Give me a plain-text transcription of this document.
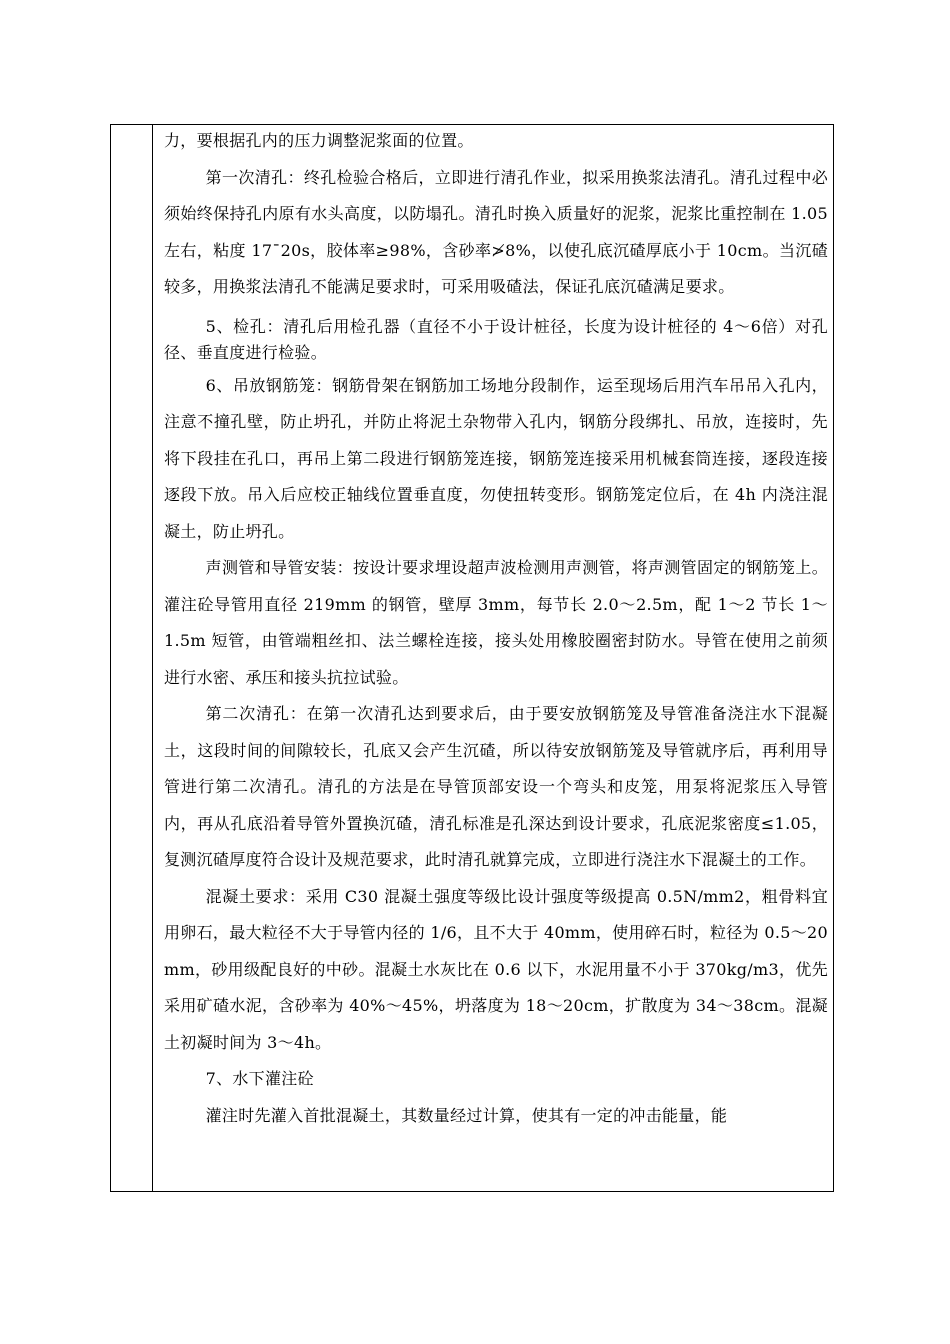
力，要根据孔内的压力调整泥浆面的位置。

第一次清孔：终孔检验合格后，立即进行清孔作业，拟采用换浆法清孔。清孔过程中必须始终保持孔内原有水头高度，以防塌孔。清孔时换入质量好的泥浆，泥浆比重控制在 1.05 左右，粘度 17¯20s，胶体率≥98%，含砂率≯8%，以使孔底沉碴厚底小于 10cm。当沉碴较多，用换浆法清孔不能满足要求时，可采用吸碴法，保证孔底沉碴满足要求。

5、检孔：清孔后用检孔器（直径不小于设计桩径，长度为设计桩径的 4～6倍）对孔径、垂直度进行检验。

6、吊放钢筋笼：钢筋骨架在钢筋加工场地分段制作，运至现场后用汽车吊吊入孔内，注意不撞孔壁，防止坍孔，并防止将泥土杂物带入孔内，钢筋分段绑扎、吊放，连接时，先将下段挂在孔口，再吊上第二段进行钢筋笼连接，钢筋笼连接采用机械套筒连接，逐段连接逐段下放。吊入后应校正轴线位置垂直度，勿使扭转变形。钢筋笼定位后，在 4h 内浇注混凝土，防止坍孔。

声测管和导管安装：按设计要求埋设超声波检测用声测管，将声测管固定的钢筋笼上。灌注砼导管用直径 219mm 的钢管，壁厚 3mm，每节长 2.0～2.5m，配 1～2 节长 1～1.5m 短管，由管端粗丝扣、法兰螺栓连接，接头处用橡胶圈密封防水。导管在使用之前须进行水密、承压和接头抗拉试验。

第二次清孔：在第一次清孔达到要求后，由于要安放钢筋笼及导管准备浇注水下混凝土，这段时间的间隙较长，孔底又会产生沉碴，所以待安放钢筋笼及导管就序后，再利用导管进行第二次清孔。清孔的方法是在导管顶部安设一个弯头和皮笼，用泵将泥浆压入导管内，再从孔底沿着导管外置换沉碴，清孔标准是孔深达到设计要求，孔底泥浆密度≤1.05，复测沉碴厚度符合设计及规范要求，此时清孔就算完成，立即进行浇注水下混凝土的工作。

混凝土要求：采用 C30 混凝土强度等级比设计强度等级提高 0.5N/mm2，粗骨料宜用卵石，最大粒径不大于导管内径的 1/6，且不大于 40mm，使用碎石时，粒径为 0.5～20mm，砂用级配良好的中砂。混凝土水灰比在 0.6 以下，水泥用量不小于 370kg/m3，优先采用矿碴水泥，含砂率为 40%～45%，坍落度为 18～20cm，扩散度为 34～38cm。混凝土初凝时间为 3～4h。

7、水下灌注砼

灌注时先灌入首批混凝土，其数量经过计算，使其有一定的冲击能量，能
